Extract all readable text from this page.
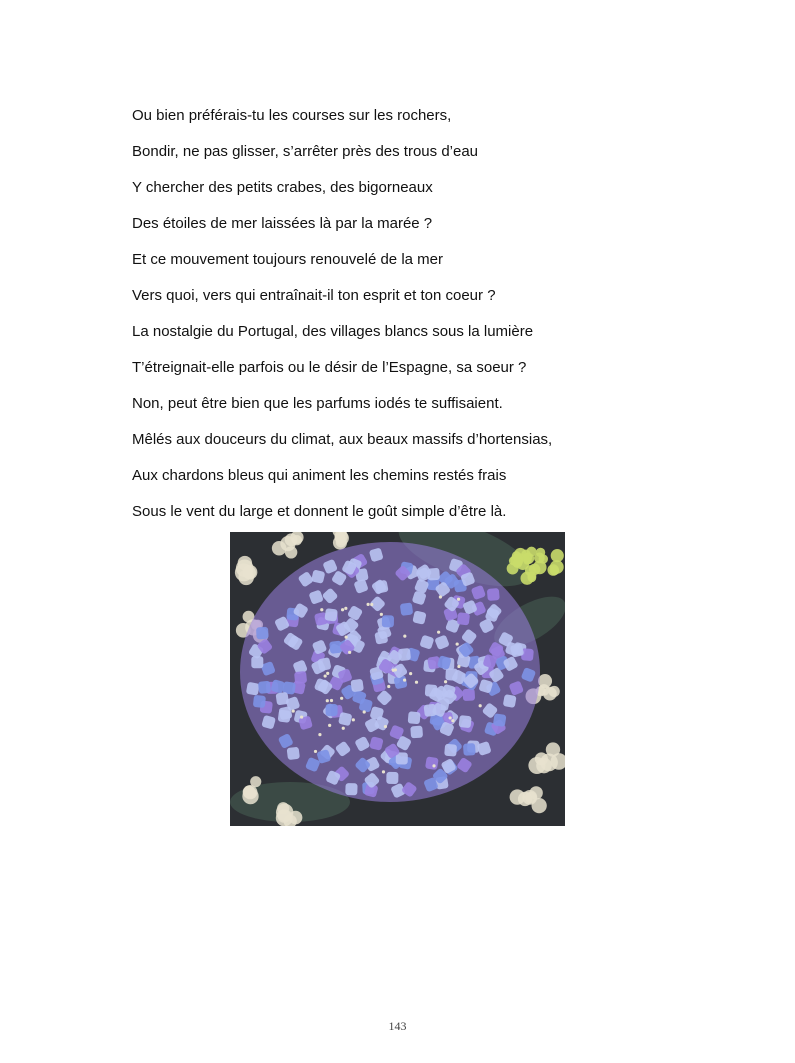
Ou bien préférais-tu les courses sur les rochers,
Bondir, ne pas glisser, s’arrêter près des trous d’eau
Y chercher des petits crabes, des bigorneaux
Des étoiles de mer laissées là par la marée ?
Et ce mouvement toujours renouvelé de la mer
Vers quoi, vers qui entraînait-il ton esprit et ton coeur ?
La nostalgie du Portugal, des villages blancs sous la lumière
T’étreignait-elle parfois ou le désir de l’Espagne, sa soeur ?
Non, peut être bien que les parfums iodés te suffisaient.
Mêlés aux douceurs du climat, aux beaux massifs d’hortensias,
Aux chardons bleus qui animent les chemins restés frais
Sous le vent du large et donnent le goût simple d’être là.
143
